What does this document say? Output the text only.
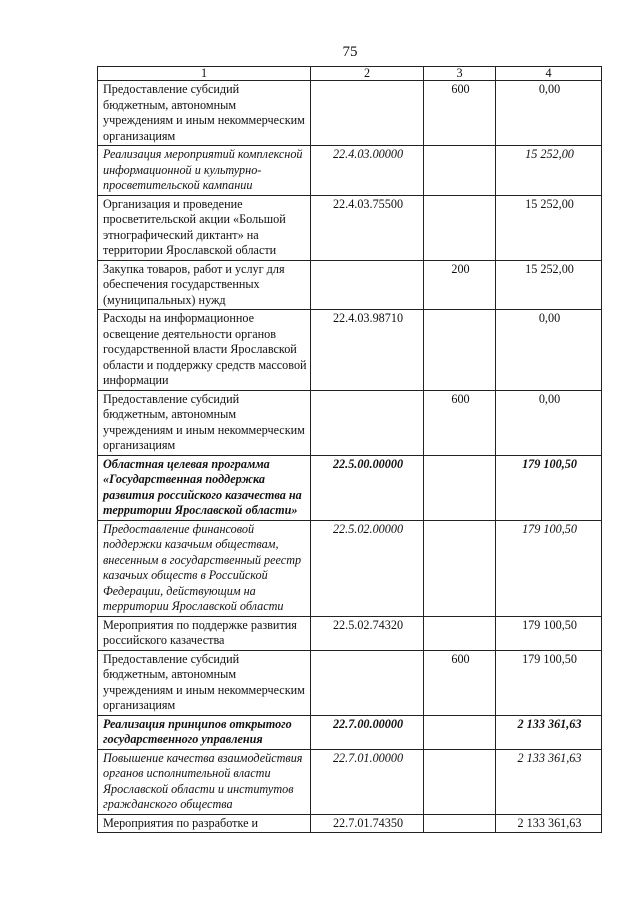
75
1	2	3	4
Предоставление субсидий бюджетным, автономным учреждениям и иным некоммерческим организациям		600	0,00
Реализация мероприятий комплексной информационной и культурно-просветительской кампании	22.4.03.00000		15 252,00
Организация и проведение просветительской акции «Большой этнографический диктант» на территории Ярославской области	22.4.03.75500		15 252,00
Закупка товаров, работ и услуг для обеспечения государственных (муниципальных) нужд		200	15 252,00
Расходы на информационное освещение деятельности органов государственной власти Ярославской области и поддержку средств массовой информации	22.4.03.98710		0,00
Предоставление субсидий бюджетным, автономным учреждениям и иным некоммерческим организациям		600	0,00
Областная целевая программа «Государственная поддержка развития российского казачества на территории Ярославской области»	22.5.00.00000		179 100,50
Предоставление финансовой поддержки казачьим обществам, внесенным в государственный реестр казачьих обществ в Российской Федерации, действующим на территории Ярославской области	22.5.02.00000		179 100,50
Мероприятия по поддержке развития российского казачества	22.5.02.74320		179 100,50
Предоставление субсидий бюджетным, автономным учреждениям и иным некоммерческим организациям		600	179 100,50
Реализация принципов открытого государственного управления	22.7.00.00000		2 133 361,63
Повышение качества взаимодействия органов исполнительной власти Ярославской области и институтов гражданского общества	22.7.01.00000		2 133 361,63
Мероприятия по разработке и	22.7.01.74350		2 133 361,63
